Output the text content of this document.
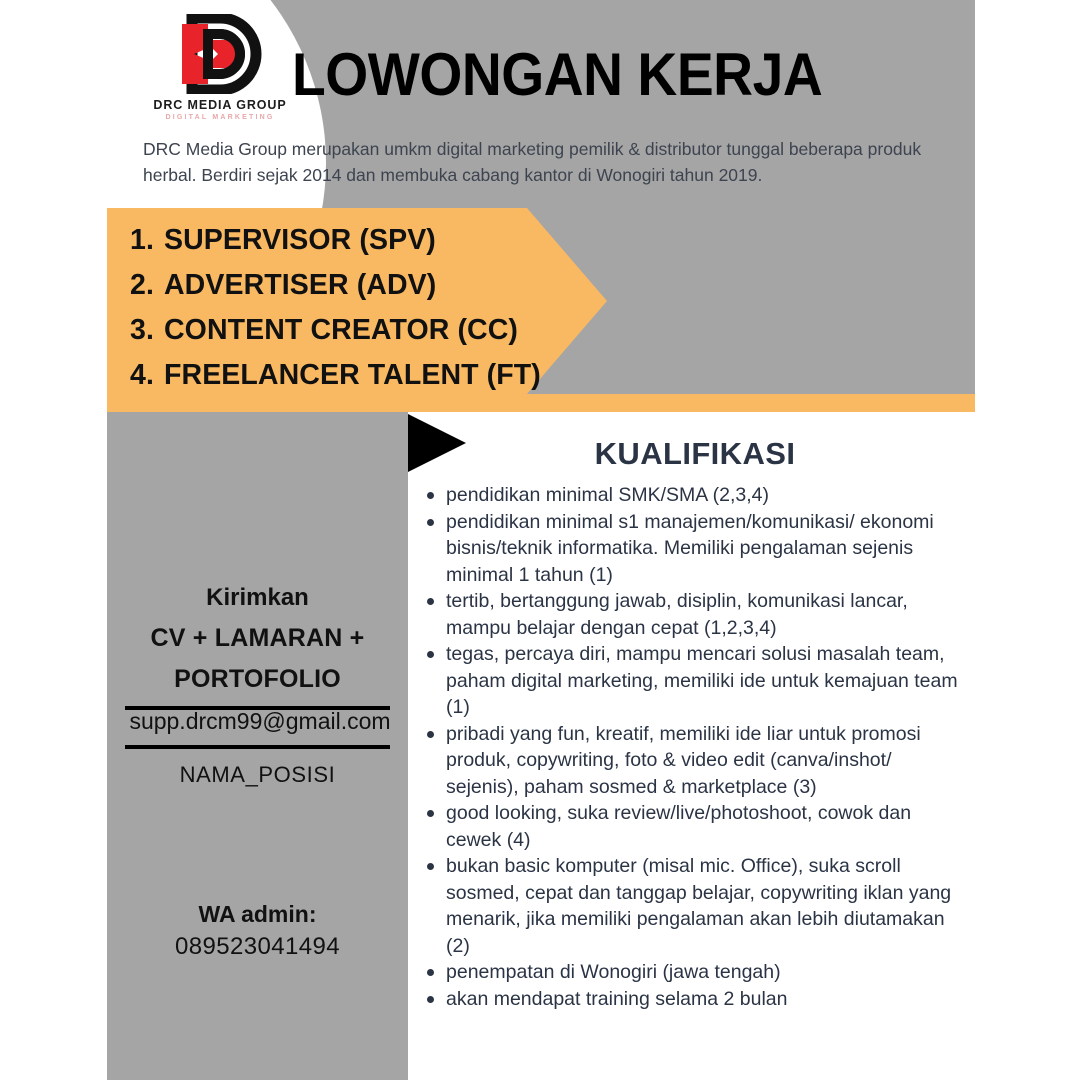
DRC MEDIA GROUP
DIGITAL MARKETING
LOWONGAN KERJA
DRC Media Group merupakan umkm digital marketing pemilik & distributor tunggal beberapa produk herbal. Berdiri sejak 2014 dan membuka cabang kantor di Wonogiri tahun 2019.
1. SUPERVISOR (SPV)
2. ADVERTISER (ADV)
3. CONTENT CREATOR (CC)
4. FREELANCER TALENT (FT)
Kirimkan
CV + LAMARAN +
PORTOFOLIO
supp.drcm99@gmail.com
NAMA_POSISI
WA admin:
089523041494
KUALIFIKASI
pendidikan minimal SMK/SMA (2,3,4)
pendidikan minimal s1 manajemen/komunikasi/ ekonomi bisnis/teknik informatika. Memiliki pengalaman sejenis minimal 1 tahun (1)
tertib, bertanggung jawab, disiplin, komunikasi lancar, mampu belajar dengan cepat (1,2,3,4)
tegas, percaya diri, mampu mencari solusi masalah team, paham digital marketing, memiliki ide untuk kemajuan team (1)
pribadi yang fun, kreatif, memiliki ide liar untuk promosi produk, copywriting, foto & video edit (canva/inshot/ sejenis), paham sosmed & marketplace (3)
good looking, suka review/live/photoshoot, cowok dan cewek (4)
bukan basic komputer (misal mic. Office), suka scroll sosmed, cepat dan tanggap belajar, copywriting iklan yang menarik, jika memiliki pengalaman akan lebih diutamakan (2)
penempatan di Wonogiri (jawa tengah)
akan mendapat training selama 2 bulan
